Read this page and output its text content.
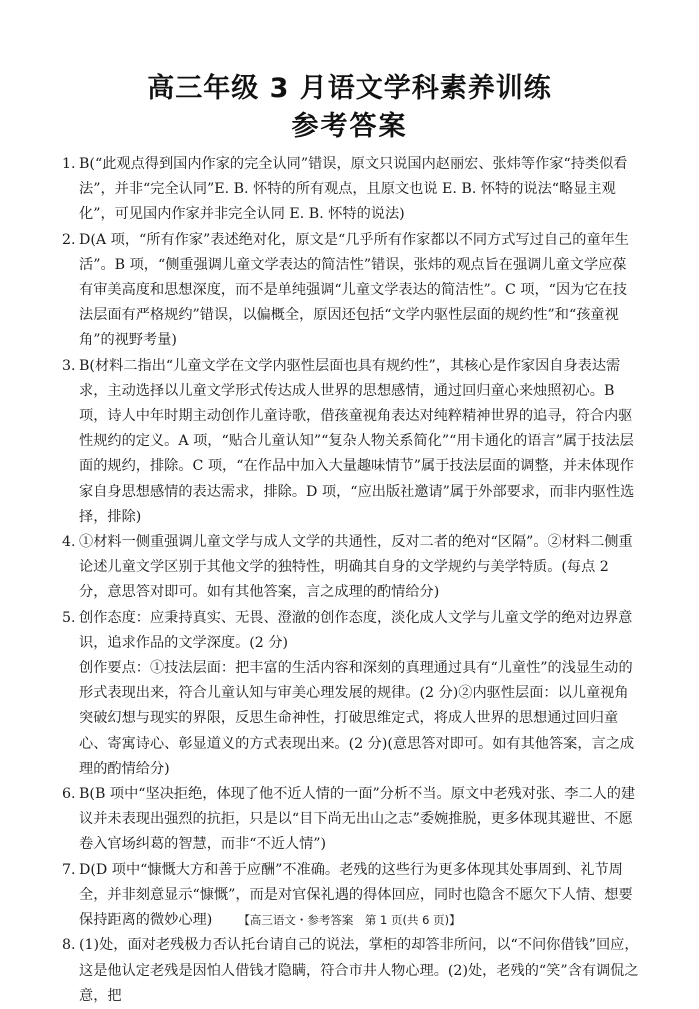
高三年级 3 月语文学科素养训练
参考答案
1. B(“此观点得到国内作家的完全认同”错误，原文只说国内赵丽宏、张炜等作家“持类似看法”，并非“完全认同”E. B. 怀特的所有观点，且原文也说 E. B. 怀特的说法“略显主观化”，可见国内作家并非完全认同 E. B. 怀特的说法)
2. D(A 项，“所有作家”表述绝对化，原文是“几乎所有作家都以不同方式写过自己的童年生活”。B 项，“侧重强调儿童文学表达的简洁性”错误，张炜的观点旨在强调儿童文学应葆有审美高度和思想深度，而不是单纯强调“儿童文学表达的简洁性”。C 项，“因为它在技法层面有严格规约”错误，以偏概全，原因还包括“文学内驱性层面的规约性”和“孩童视角”的视野考量)
3. B(材料二指出“儿童文学在文学内驱性层面也具有规约性”，其核心是作家因自身表达需求，主动选择以儿童文学形式传达成人世界的思想感情，通过回归童心来烛照初心。B 项，诗人中年时期主动创作儿童诗歌，借孩童视角表达对纯粹精神世界的追寻，符合内驱性规约的定义。A 项，“贴合儿童认知”“复杂人物关系简化”“用卡通化的语言”属于技法层面的规约，排除。C 项，“在作品中加入大量趣味情节”属于技法层面的调整，并未体现作家自身思想感情的表达需求，排除。D 项，“应出版社邀请”属于外部要求，而非内驱性选择，排除)
4. ①材料一侧重强调儿童文学与成人文学的共通性，反对二者的绝对“区隔”。②材料二侧重论述儿童文学区别于其他文学的独特性，明确其自身的文学规约与美学特质。(每点 2 分，意思答对即可。如有其他答案，言之成理的酌情给分)
5. 创作态度：应秉持真实、无畏、澄澈的创作态度，淡化成人文学与儿童文学的绝对边界意识，追求作品的文学深度。(2 分)
创作要点：①技法层面：把丰富的生活内容和深刻的真理通过具有“儿童性”的浅显生动的形式表现出来，符合儿童认知与审美心理发展的规律。(2 分)②内驱性层面：以儿童视角突破幻想与现实的界限，反思生命神性，打破思维定式，将成人世界的思想通过回归童心、寄寓诗心、彰显道义的方式表现出来。(2 分)(意思答对即可。如有其他答案，言之成理的酌情给分)
6. B(B 项中“坚决拒绝，体现了他不近人情的一面”分析不当。原文中老残对张、李二人的建议并未表现出强烈的抗拒，只是以“目下尚无出山之志”委婉推脱，更多体现其避世、不愿卷入官场纠葛的智慧，而非“不近人情”)
7. D(D 项中“慷慨大方和善于应酬”不准确。老残的这些行为更多体现其处事周到、礼节周全，并非刻意显示“慷慨”，而是对官保礼遇的得体回应，同时也隐含不愿欠下人情、想要保持距离的微妙心理)
8. (1)处，面对老残极力否认托台请自己的说法，掌柜的却答非所问，以“不问你借钱”回应，这是他认定老残是因怕人借钱才隐瞒，符合市井人物心理。(2)处，老残的“笑”含有调侃之意，把
【高三语文・参考答案　第 1 页(共 6 页)】
